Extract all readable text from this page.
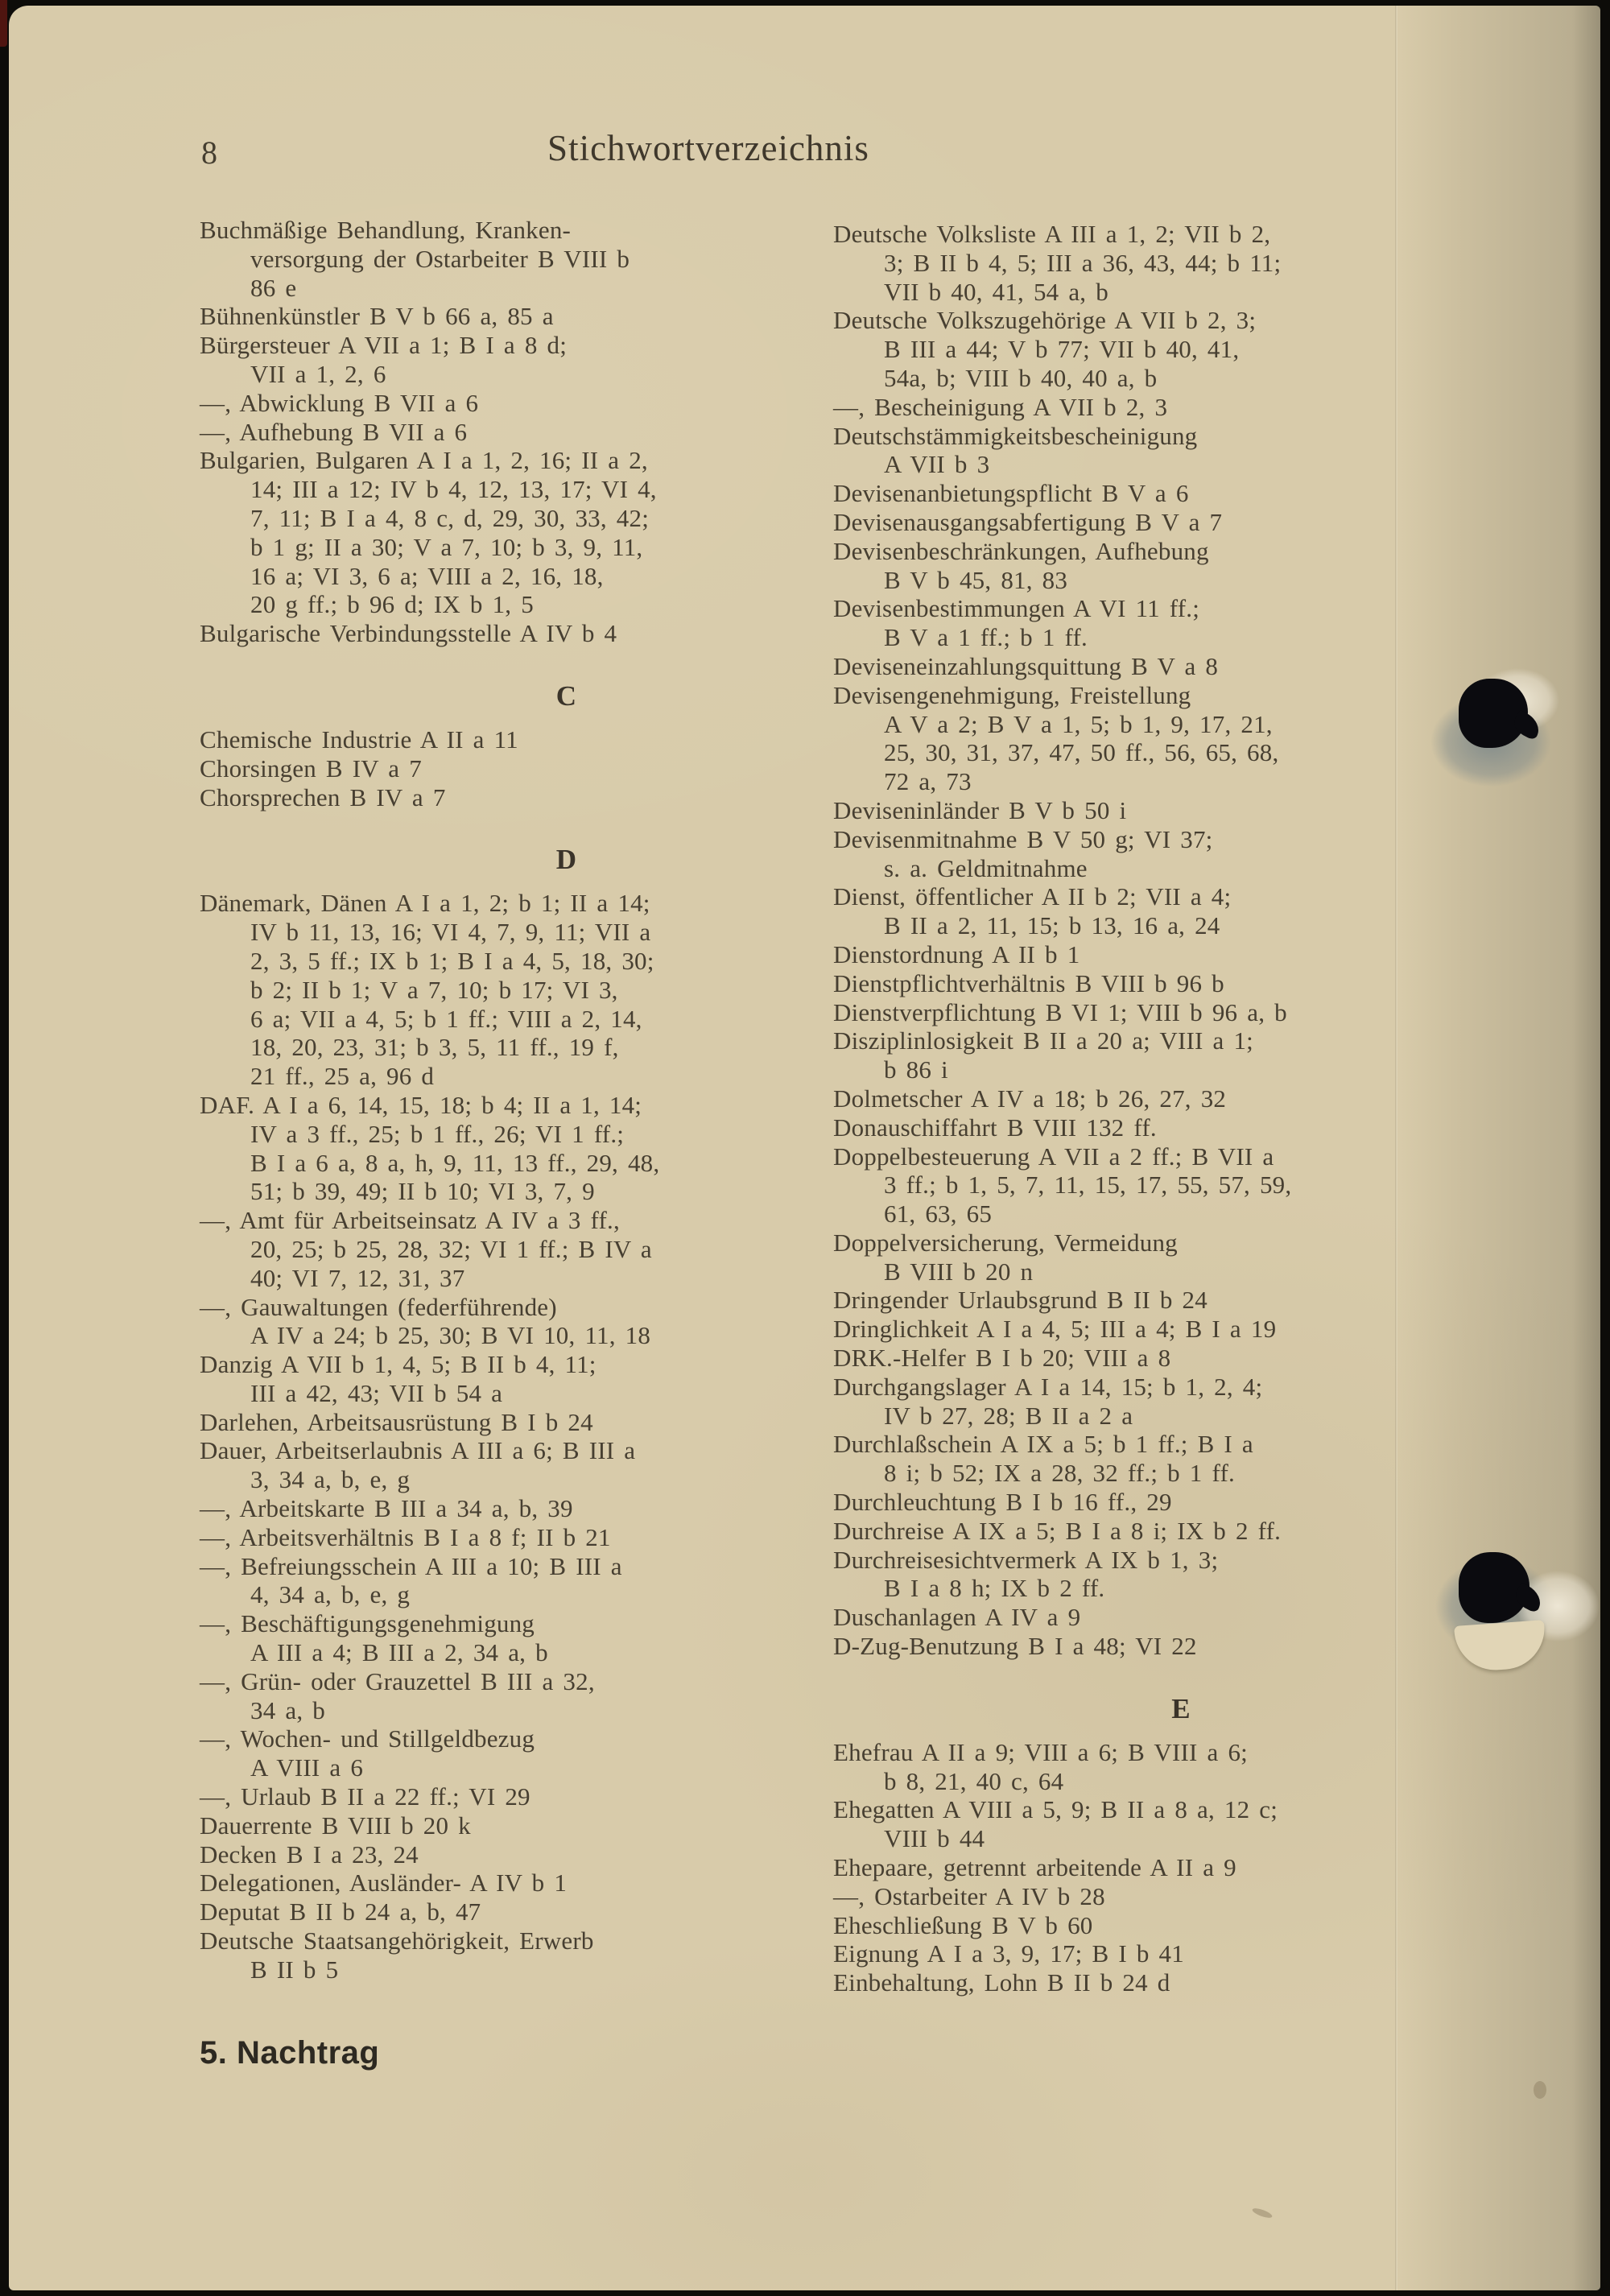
8	Stichwortverzeichnis
Buchmäßige Behandlung, Kranken-
versorgung der Ostarbeiter B VIII b
86 e
Bühnenkünstler B V b 66 a, 85 a
Bürgersteuer A VII a 1; B I a 8 d;
VII a 1, 2, 6
—, Abwicklung B VII a 6
—, Aufhebung B VII a 6
Bulgarien, Bulgaren A I a 1, 2, 16; II a 2,
14; III a 12; IV b 4, 12, 13, 17; VI 4,
7, 11; B I a 4, 8 c, d, 29, 30, 33, 42;
b 1 g; II a 30; V a 7, 10; b 3, 9, 11,
16 a; VI 3, 6 a; VIII a 2, 16, 18,
20 g ff.; b 96 d; IX b 1, 5
Bulgarische Verbindungsstelle A IV b 4
C
Chemische Industrie A II a 11
Chorsingen B IV a 7
Chorsprechen B IV a 7
D
Dänemark, Dänen A I a 1, 2; b 1; II a 14;
IV b 11, 13, 16; VI 4, 7, 9, 11; VII a
2, 3, 5 ff.; IX b 1; B I a 4, 5, 18, 30;
b 2; II b 1; V a 7, 10; b 17; VI 3,
6 a; VII a 4, 5; b 1 ff.; VIII a 2, 14,
18, 20, 23, 31; b 3, 5, 11 ff., 19 f,
21 ff., 25 a, 96 d
DAF. A I a 6, 14, 15, 18; b 4; II a 1, 14;
IV a 3 ff., 25; b 1 ff., 26; VI 1 ff.;
B I a 6 a, 8 a, h, 9, 11, 13 ff., 29, 48,
51; b 39, 49; II b 10; VI 3, 7, 9
—, Amt für Arbeitseinsatz A IV a 3 ff.,
20, 25; b 25, 28, 32; VI 1 ff.; B IV a
40; VI 7, 12, 31, 37
—, Gauwaltungen (federführende)
A IV a 24; b 25, 30; B VI 10, 11, 18
Danzig A VII b 1, 4, 5; B II b 4, 11;
III a 42, 43; VII b 54 a
Darlehen, Arbeitsausrüstung B I b 24
Dauer, Arbeitserlaubnis A III a 6; B III a
3, 34 a, b, e, g
—, Arbeitskarte B III a 34 a, b, 39
—, Arbeitsverhältnis B I a 8 f; II b 21
—, Befreiungsschein A III a 10; B III a
4, 34 a, b, e, g
—, Beschäftigungsgenehmigung
A III a 4; B III a 2, 34 a, b
—, Grün- oder Grauzettel B III a 32,
34 a, b
—, Wochen- und Stillgeldbezug
A VIII a 6
—, Urlaub B II a 22 ff.; VI 29
Dauerrente B VIII b 20 k
Decken B I a 23, 24
Delegationen, Ausländer- A IV b 1
Deputat B II b 24 a, b, 47
Deutsche Staatsangehörigkeit, Erwerb
B II b 5
Deutsche Volksliste A III a 1, 2; VII b 2,
3; B II b 4, 5; III a 36, 43, 44; b 11;
VII b 40, 41, 54 a, b
Deutsche Volkszugehörige A VII b 2, 3;
B III a 44; V b 77; VII b 40, 41,
54a, b; VIII b 40, 40 a, b
—, Bescheinigung A VII b 2, 3
Deutschstämmigkeitsbescheinigung
A VII b 3
Devisenanbietungspflicht B V a 6
Devisenausgangsabfertigung B V a 7
Devisenbeschränkungen, Aufhebung
B V b 45, 81, 83
Devisenbestimmungen A VI 11 ff.;
B V a 1 ff.; b 1 ff.
Deviseneinzahlungsquittung B V a 8
Devisengenehmigung, Freistellung
A V a 2; B V a 1, 5; b 1, 9, 17, 21,
25, 30, 31, 37, 47, 50 ff., 56, 65, 68,
72 a, 73
Deviseninländer B V b 50 i
Devisenmitnahme B V 50 g; VI 37;
s. a. Geldmitnahme
Dienst, öffentlicher A II b 2; VII a 4;
B II a 2, 11, 15; b 13, 16 a, 24
Dienstordnung A II b 1
Dienstpflichtverhältnis B VIII b 96 b
Dienstverpflichtung B VI 1; VIII b 96 a, b
Disziplinlosigkeit B II a 20 a; VIII a 1;
b 86 i
Dolmetscher A IV a 18; b 26, 27, 32
Donauschiffahrt B VIII 132 ff.
Doppelbesteuerung A VII a 2 ff.; B VII a
3 ff.; b 1, 5, 7, 11, 15, 17, 55, 57, 59,
61, 63, 65
Doppelversicherung, Vermeidung
B VIII b 20 n
Dringender Urlaubsgrund B II b 24
Dringlichkeit A I a 4, 5; III a 4; B I a 19
DRK.-Helfer B I b 20; VIII a 8
Durchgangslager A I a 14, 15; b 1, 2, 4;
IV b 27, 28; B II a 2 a
Durchlaßschein A IX a 5; b 1 ff.; B I a
8 i; b 52; IX a 28, 32 ff.; b 1 ff.
Durchleuchtung B I b 16 ff., 29
Durchreise A IX a 5; B I a 8 i; IX b 2 ff.
Durchreisesichtvermerk A IX b 1, 3;
B I a 8 h; IX b 2 ff.
Duschanlagen A IV a 9
D-Zug-Benutzung B I a 48; VI 22
E
Ehefrau A II a 9; VIII a 6; B VIII a 6;
b 8, 21, 40 c, 64
Ehegatten A VIII a 5, 9; B II a 8 a, 12 c;
VIII b 44
Ehepaare, getrennt arbeitende A II a 9
—, Ostarbeiter A IV b 28
Eheschließung B V b 60
Eignung A I a 3, 9, 17; B I b 41
Einbehaltung, Lohn B II b 24 d
5. Nachtrag
